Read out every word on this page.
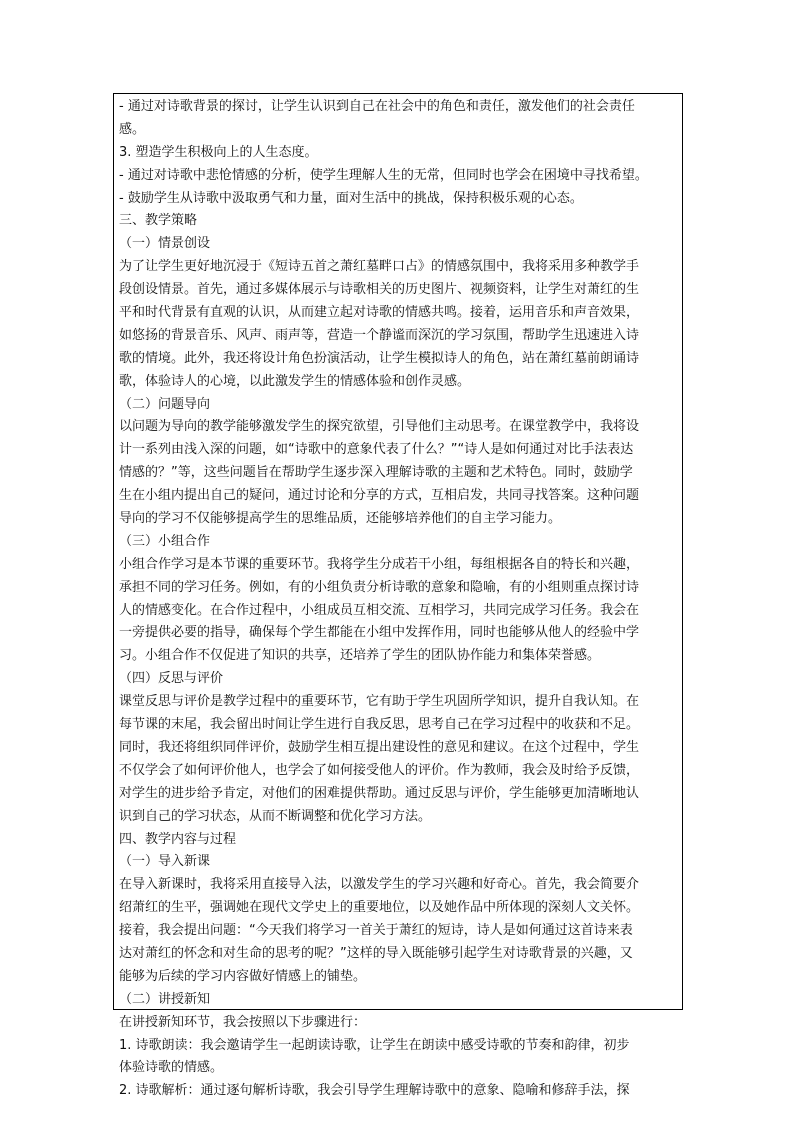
- 通过对诗歌背景的探讨，让学生认识到自己在社会中的角色和责任，激发他们的社会责任
感。
3. 塑造学生积极向上的人生态度。
- 通过对诗歌中悲怆情感的分析，使学生理解人生的无常，但同时也学会在困境中寻找希望。
- 鼓励学生从诗歌中汲取勇气和力量，面对生活中的挑战，保持积极乐观的心态。
三、教学策略
（一）情景创设
为了让学生更好地沉浸于《短诗五首之萧红墓畔口占》的情感氛围中，我将采用多种教学手
段创设情景。首先，通过多媒体展示与诗歌相关的历史图片、视频资料，让学生对萧红的生
平和时代背景有直观的认识，从而建立起对诗歌的情感共鸣。接着，运用音乐和声音效果，
如悠扬的背景音乐、风声、雨声等，营造一个静谧而深沉的学习氛围，帮助学生迅速进入诗
歌的情境。此外，我还将设计角色扮演活动，让学生模拟诗人的角色，站在萧红墓前朗诵诗
歌，体验诗人的心境，以此激发学生的情感体验和创作灵感。
（二）问题导向
以问题为导向的教学能够激发学生的探究欲望，引导他们主动思考。在课堂教学中，我将设
计一系列由浅入深的问题，如“诗歌中的意象代表了什么？”“诗人是如何通过对比手法表达
情感的？”等，这些问题旨在帮助学生逐步深入理解诗歌的主题和艺术特色。同时，鼓励学
生在小组内提出自己的疑问，通过讨论和分享的方式，互相启发，共同寻找答案。这种问题
导向的学习不仅能够提高学生的思维品质，还能够培养他们的自主学习能力。
（三）小组合作
小组合作学习是本节课的重要环节。我将学生分成若干小组，每组根据各自的特长和兴趣，
承担不同的学习任务。例如，有的小组负责分析诗歌的意象和隐喻，有的小组则重点探讨诗
人的情感变化。在合作过程中，小组成员互相交流、互相学习，共同完成学习任务。我会在
一旁提供必要的指导，确保每个学生都能在小组中发挥作用，同时也能够从他人的经验中学
习。小组合作不仅促进了知识的共享，还培养了学生的团队协作能力和集体荣誉感。
（四）反思与评价
课堂反思与评价是教学过程中的重要环节，它有助于学生巩固所学知识，提升自我认知。在
每节课的末尾，我会留出时间让学生进行自我反思，思考自己在学习过程中的收获和不足。
同时，我还将组织同伴评价，鼓励学生相互提出建设性的意见和建议。在这个过程中，学生
不仅学会了如何评价他人，也学会了如何接受他人的评价。作为教师，我会及时给予反馈，
对学生的进步给予肯定，对他们的困难提供帮助。通过反思与评价，学生能够更加清晰地认
识到自己的学习状态，从而不断调整和优化学习方法。
四、教学内容与过程
（一）导入新课
在导入新课时，我将采用直接导入法，以激发学生的学习兴趣和好奇心。首先，我会简要介
绍萧红的生平，强调她在现代文学史上的重要地位，以及她作品中所体现的深刻人文关怀。
接着，我会提出问题：“今天我们将学习一首关于萧红的短诗，诗人是如何通过这首诗来表
达对萧红的怀念和对生命的思考的呢？”这样的导入既能够引起学生对诗歌背景的兴趣，又
能够为后续的学习内容做好情感上的铺垫。
（二）讲授新知
在讲授新知环节，我会按照以下步骤进行：
1. 诗歌朗读：我会邀请学生一起朗读诗歌，让学生在朗读中感受诗歌的节奏和韵律，初步
体验诗歌的情感。
2. 诗歌解析：通过逐句解析诗歌，我会引导学生理解诗歌中的意象、隐喻和修辞手法，探
